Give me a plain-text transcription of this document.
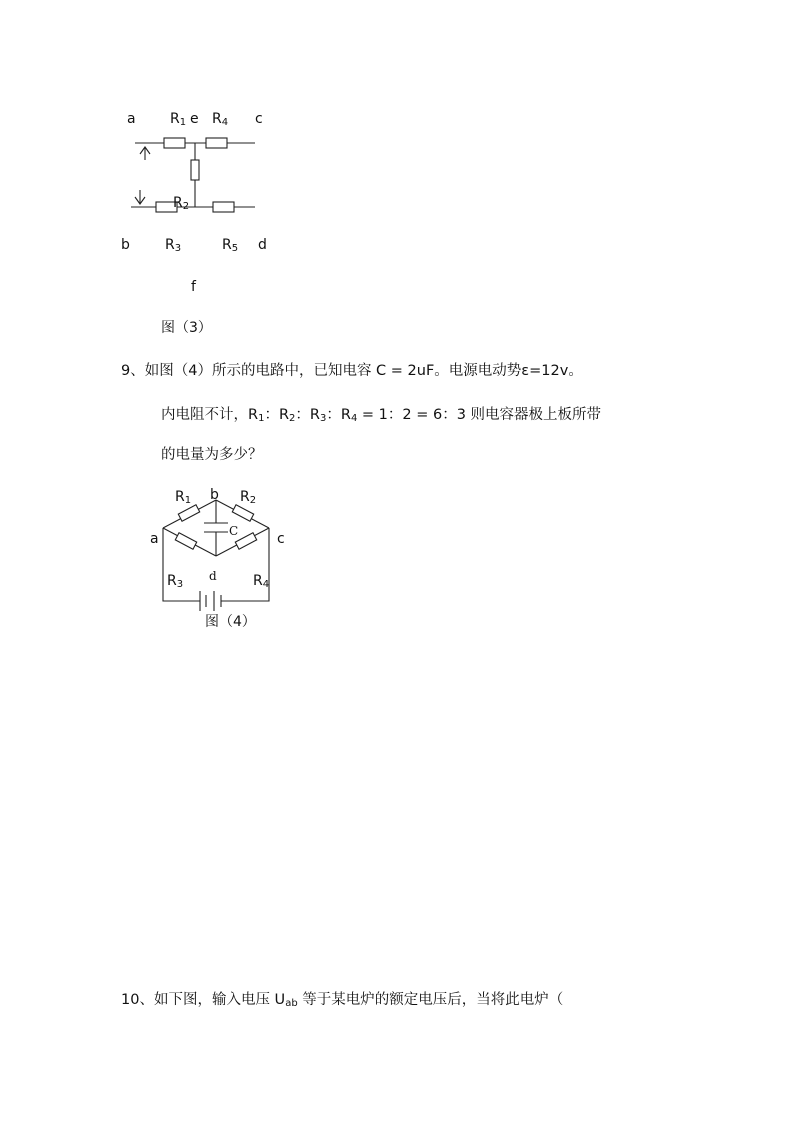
a $R_1$ e $R_4$ c
$R_2$
b	$R_3$	$R_5$ d
f
图（3）
9、如图（4）所示的电路中，已知电容 C = 2uF。电源电动势ε=12v。
内电阻不计，$R_1$：$R_2$：$R_3$：$R_4 = 1$：2 = 6：3 则电容器极上板所带
的电量为多少？
$R_1$ b $R_2$
C
a	c
d
$R_3$	$R_4$
图（4）
10、如下图，输入电压 $U_{ab}$ 等于某电炉的额定电压后，当将此电炉（
